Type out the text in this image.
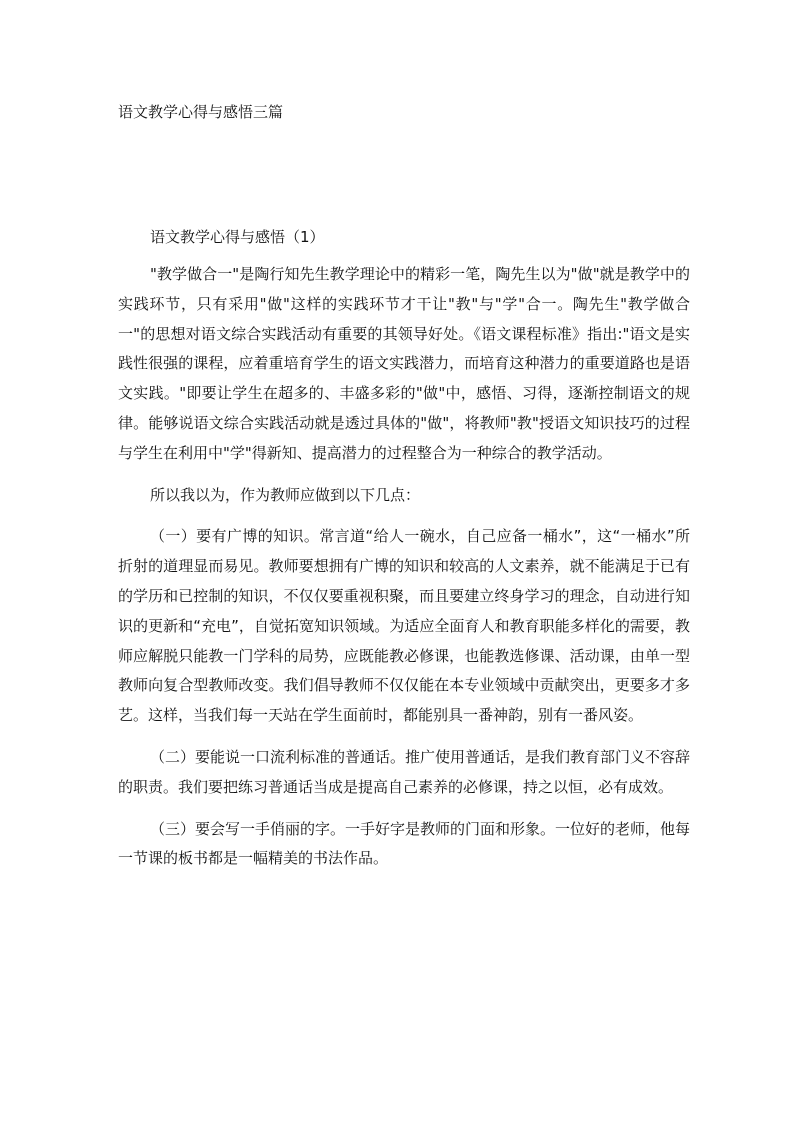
语文教学心得与感悟三篇
语文教学心得与感悟（1）

"教学做合一"是陶行知先生教学理论中的精彩一笔，陶先生以为"做"就是教学中的实践环节，只有采用"做"这样的实践环节才干让"教"与"学"合一。陶先生"教学做合一"的思想对语文综合实践活动有重要的其领导好处。《语文课程标准》指出:"语文是实践性很强的课程，应着重培育学生的语文实践潜力，而培育这种潜力的重要道路也是语文实践。"即要让学生在超多的、丰盛多彩的"做"中，感悟、习得，逐渐控制语文的规律。能够说语文综合实践活动就是透过具体的"做"，将教师"教"授语文知识技巧的过程与学生在利用中"学"得新知、提高潜力的过程整合为一种综合的教学活动。

所以我以为，作为教师应做到以下几点：

（一）要有广博的知识。常言道“给人一碗水，自己应备一桶水”，这“一桶水”所折射的道理显而易见。教师要想拥有广博的知识和较高的人文素养，就不能满足于已有的学历和已控制的知识，不仅仅要重视积聚，而且要建立终身学习的理念，自动进行知识的更新和“充电”，自觉拓宽知识领域。为适应全面育人和教育职能多样化的需要，教师应解脱只能教一门学科的局势，应既能教必修课，也能教选修课、活动课，由单一型教师向复合型教师改变。我们倡导教师不仅仅能在本专业领域中贡献突出，更要多才多艺。这样，当我们每一天站在学生面前时，都能别具一番神韵，别有一番风姿。

（二）要能说一口流利标准的普通话。推广使用普通话，是我们教育部门义不容辞的职责。我们要把练习普通话当成是提高自己素养的必修课，持之以恒，必有成效。

（三）要会写一手俏丽的字。一手好字是教师的门面和形象。一位好的老师，他每一节课的板书都是一幅精美的书法作品。
